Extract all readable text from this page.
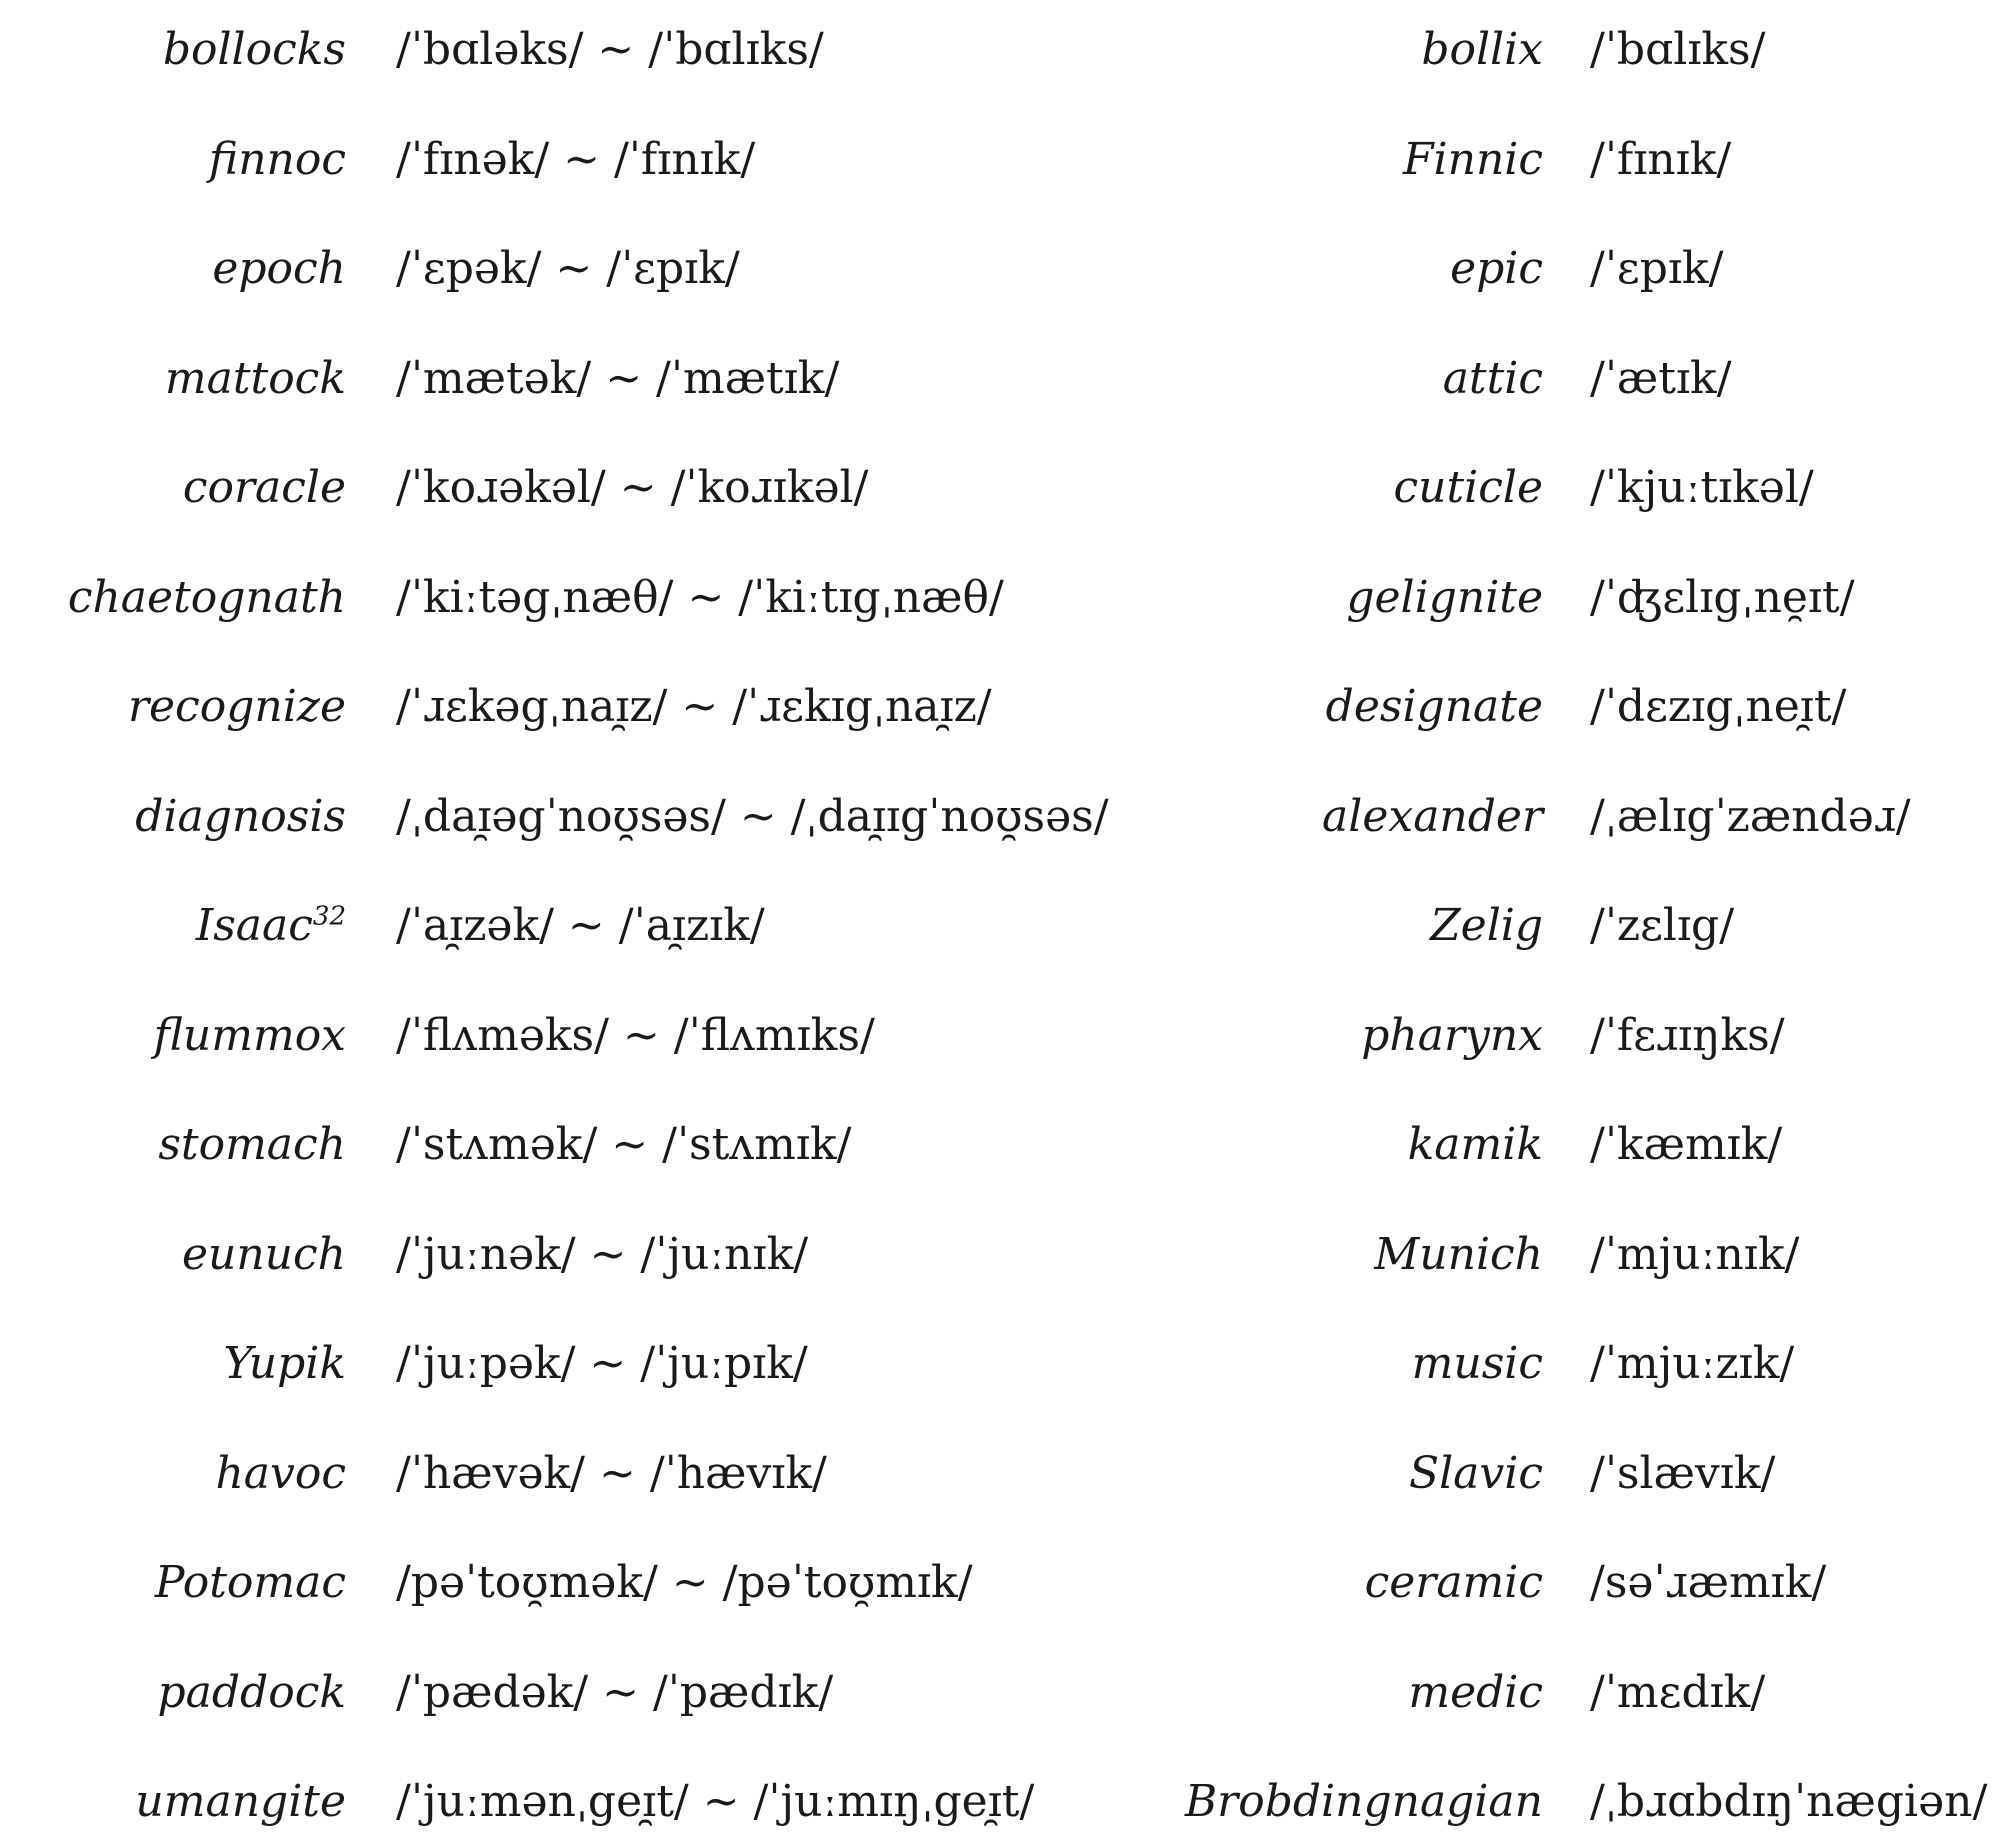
bollocks /ˈbɑləks/ ~ /ˈbɑlɪks/	bollix /ˈbɑlɪks/
finnoc /ˈfɪnək/ ~ /ˈfɪnɪk/	Finnic /ˈfɪnɪk/
epoch /ˈɛpək/ ~ /ˈɛpɪk/	epic /ˈɛpɪk/
mattock /ˈmætək/ ~ /ˈmætɪk/	attic /ˈætɪk/
coracle /ˈkoɹəkəl/ ~ /ˈkoɹɪkəl/	cuticle /ˈkjuːtɪkəl/
chaetognath /ˈkiːtəgˌnæθ/ ~ /ˈkiːtɪgˌnæθ/	gelignite /ˈʤɛlɪgˌne̯ɪt/
recognize /ˈɹɛkəgˌnaɪ̯z/ ~ /ˈɹɛkɪgˌnaɪ̯z/	designate /ˈdɛzɪgˌneɪ̯t/
diagnosis /ˌdaɪ̯əgˈnoʊ̯səs/ ~ /ˌdaɪ̯ɪgˈnoʊ̯səs/	alexander /ˌælɪgˈzændəɹ/
Isaac$^{32}$ /ˈaɪ̯zək/ ~ /ˈaɪ̯zɪk/	Zelig /ˈzɛlɪg/
flummox /ˈflʌməks/ ~ /ˈflʌmɪks/	pharynx /ˈfɛɹɪŋks/
stomach /ˈstʌmək/ ~ /ˈstʌmɪk/	kamik /ˈkæmɪk/
eunuch /ˈjuːnək/ ~ /ˈjuːnɪk/	Munich /ˈmjuːnɪk/
Yupik /ˈjuːpək/ ~ /ˈjuːpɪk/	music /ˈmjuːzɪk/
havoc /ˈhævək/ ~ /ˈhævɪk/	Slavic /ˈslævɪk/
Potomac /pəˈtoʊ̯mək/ ~ /pəˈtoʊ̯mɪk/	ceramic /səˈɹæmɪk/
paddock /ˈpædək/ ~ /ˈpædɪk/	medic /ˈmɛdɪk/
umangite /ˈjuːmənˌgeɪ̯t/ ~ /ˈjuːmɪŋˌgeɪ̯t/	Brobdingnagian /ˌbɹɑbdɪŋˈnægiən/
